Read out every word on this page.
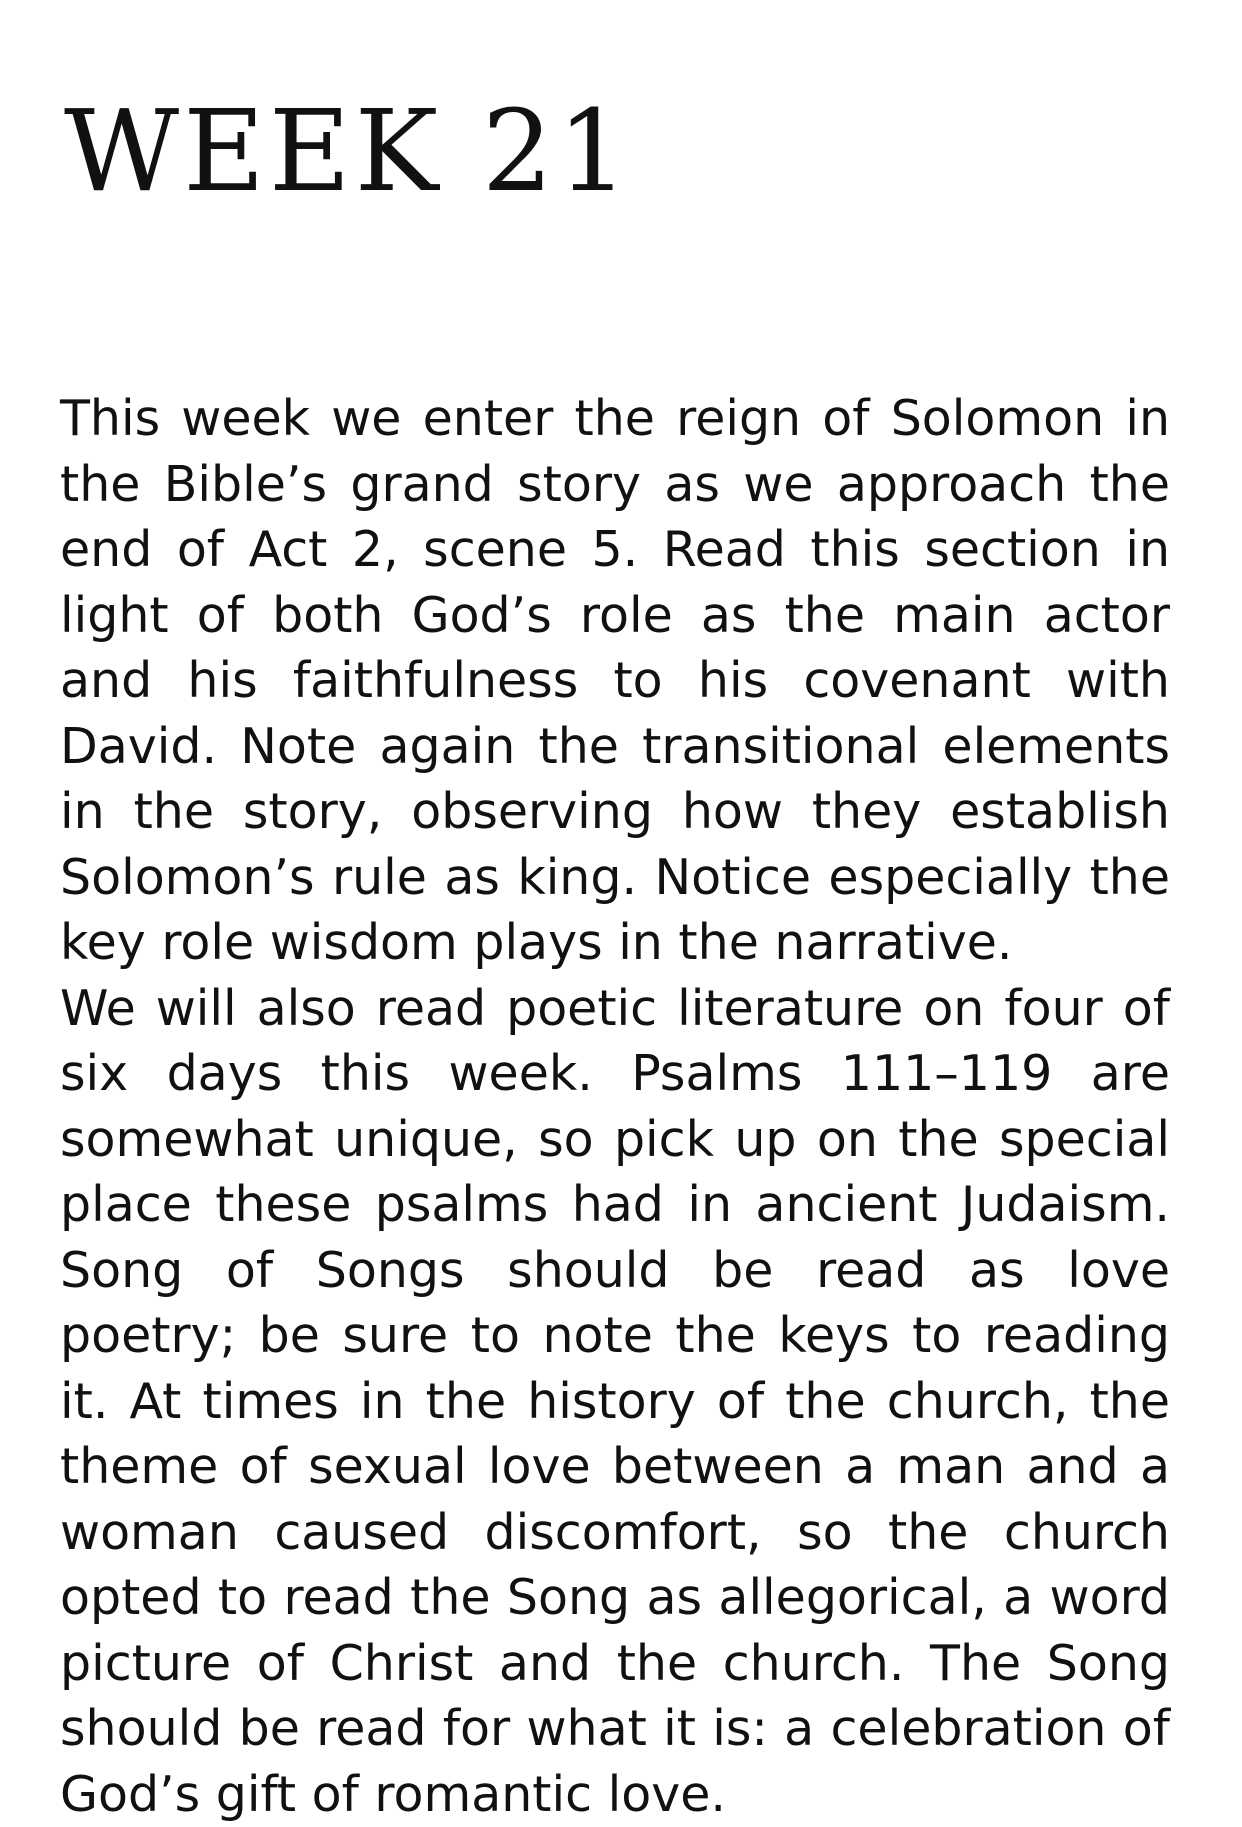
WEEK 21

This week we enter the reign of Solomon in the Bible’s grand story as we approach the end of Act 2, scene 5. Read this section in light of both God’s role as the main actor and his faithfulness to his covenant with David. Note again the transitional elements in the story, observing how they establish Solomon’s rule as king. Notice especially the key role wisdom plays in the narrative.

We will also read poetic literature on four of six days this week. Psalms 111–119 are somewhat unique, so pick up on the special place these psalms had in ancient Judaism. Song of Songs should be read as love poetry; be sure to note the keys to reading it. At times in the history of the church, the theme of sexual love between a man and a woman caused discomfort, so the church opted to read the Song as allegorical, a word picture of Christ and the church. The Song should be read for what it is: a celebration of God’s gift of romantic love.
